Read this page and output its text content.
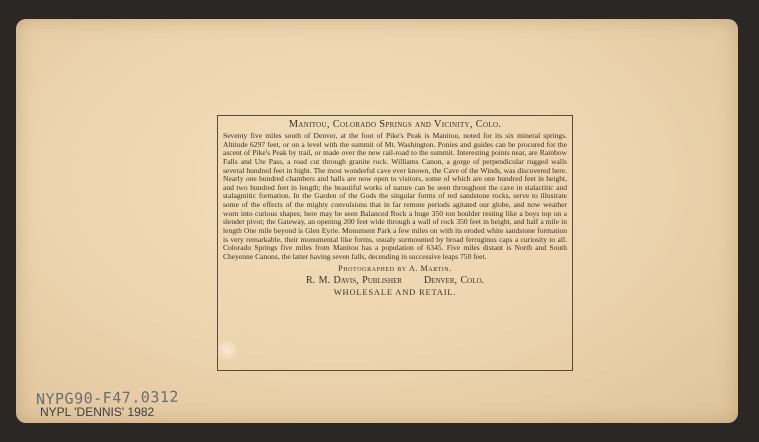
Manitou, Colorado Springs and Vicinity, Colo.

Seventy five miles south of Denver, at the foot of Pike's Peak is Manitou, noted for its six mineral springs. Altitude 6297 feet, or on a level with the summit of Mt. Washington. Ponies and guides can be procured for the ascent of Pike's Peak by trail, or made over the new rail-road to the summit. Interesting points near, are Rainbow Falls and Ute Pass, a road cut through granite rock. Williams Canon, a gorge of perpendicular rugged walls several hundred feet in hight. The most wonderful cave ever known, the Cave of the Winds, was discovered here. Nearly one hundred chambers and halls are now open to visitors, some of which are one hundred feet in height, and two hundred feet in length; the beautiful works of nature can be seen throughout the cave in stalactitic and stalagmitic formation. In the Garden of the Gods the singular forms of red sandstone rocks, serve to illustrate some of the effects of the mighty convulsions that in far remote periods agitated our globe, and now weather worn into curious shapes; here may be seen Balanced Rock a huge 350 ton boulder resting like a boys top on a slender pivot; the Gateway, an opening 200 feet wide through a wall of rock 350 feet in height, and half a mile in length One mile beyond is Glen Eyrie. Monument Park a few miles on with its eroded white sandstone formation is very remarkable, their monumental like forms, usualy surmounted by broad ferruginus caps a curiosity to all. Colorado Springs five miles from Manitou has a population of 6345. Five miles distant is North and South Cheyenne Canons, the latter having seven falls, decending in successive leaps 750 feet.

Photographed by A. Martin.
R. M. Davis, Publisher Denver, Colo.
WHOLESALE AND RETAIL.
NYPG90-F47.0312
NYPL 'DENNIS' 1982
